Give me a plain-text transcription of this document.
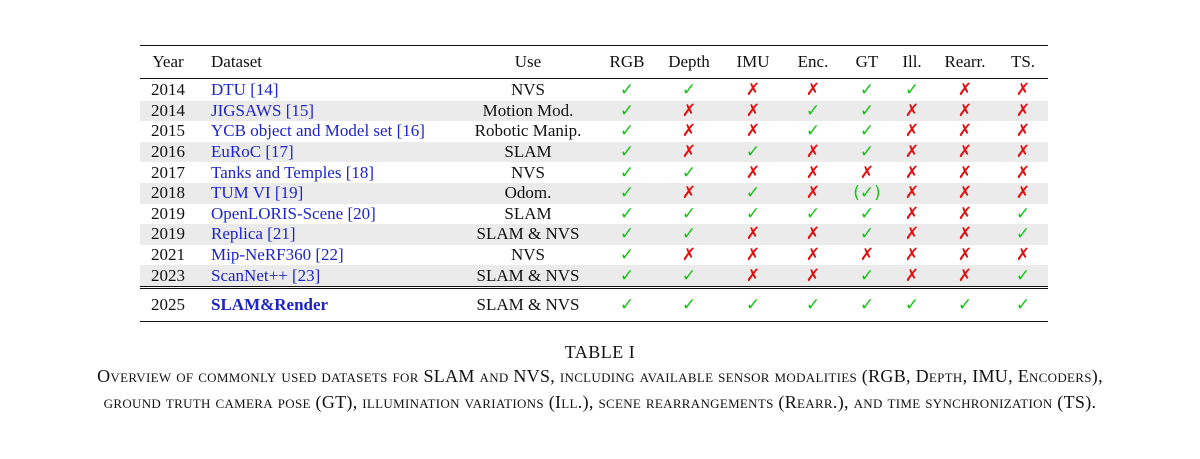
Year	Dataset	Use	RGB	Depth	IMU	Enc.	GT	Ill.	Rearr.	TS.
2014	DTU [14]	NVS	✓	✓	✗	✗	✓	✓	✗	✗
2014	JIGSAWS [15]	Motion Mod.	✓	✗	✗	✓	✓	✗	✗	✗
2015	YCB object and Model set [16]	Robotic Manip.	✓	✗	✗	✓	✓	✗	✗	✗
2016	EuRoC [17]	SLAM	✓	✗	✓	✗	✓	✗	✗	✗
2017	Tanks and Temples [18]	NVS	✓	✓	✗	✗	✗	✗	✗	✗
2018	TUM VI [19]	Odom.	✓	✗	✓	✗	(✓)	✗	✗	✗
2019	OpenLORIS-Scene [20]	SLAM	✓	✓	✓	✓	✓	✗	✗	✓
2019	Replica [21]	SLAM & NVS	✓	✓	✗	✗	✓	✗	✗	✓
2021	Mip-NeRF360 [22]	NVS	✓	✗	✗	✗	✗	✗	✗	✗
2023	ScanNet++ [23]	SLAM & NVS	✓	✓	✗	✗	✓	✗	✗	✓
2025	SLAM&Render	SLAM & NVS	✓	✓	✓	✓	✓	✓	✓	✓
TABLE I
Overview of commonly used datasets for SLAM and NVS, including available sensor modalities (RGB, Depth, IMU, Encoders),
ground truth camera pose (GT), illumination variations (Ill.), scene rearrangements (Rearr.), and time synchronization (TS).
